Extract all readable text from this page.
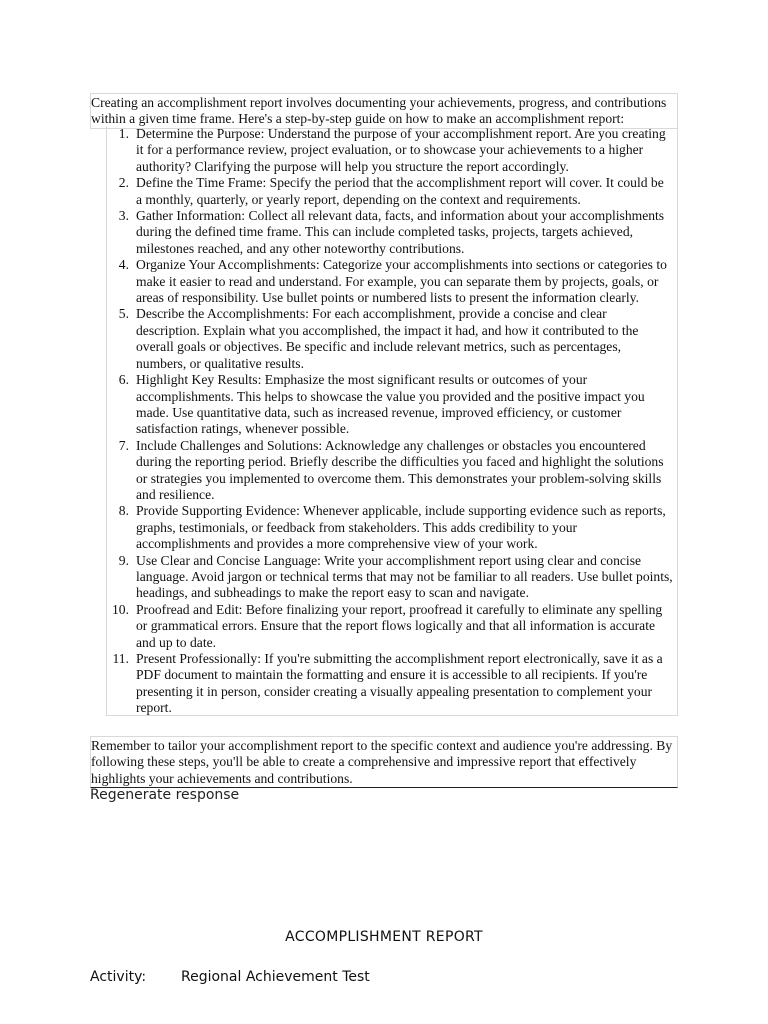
Creating an accomplishment report involves documenting your achievements, progress, and contributions within a given time frame. Here's a step-by-step guide on how to make an accomplishment report:

1. Determine the Purpose: Understand the purpose of your accomplishment report. Are you creating it for a performance review, project evaluation, or to showcase your achievements to a higher authority? Clarifying the purpose will help you structure the report accordingly.
2. Define the Time Frame: Specify the period that the accomplishment report will cover. It could be a monthly, quarterly, or yearly report, depending on the context and requirements.
3. Gather Information: Collect all relevant data, facts, and information about your accomplishments during the defined time frame. This can include completed tasks, projects, targets achieved, milestones reached, and any other noteworthy contributions.
4. Organize Your Accomplishments: Categorize your accomplishments into sections or categories to make it easier to read and understand. For example, you can separate them by projects, goals, or areas of responsibility. Use bullet points or numbered lists to present the information clearly.
5. Describe the Accomplishments: For each accomplishment, provide a concise and clear description. Explain what you accomplished, the impact it had, and how it contributed to the overall goals or objectives. Be specific and include relevant metrics, such as percentages, numbers, or qualitative results.
6. Highlight Key Results: Emphasize the most significant results or outcomes of your accomplishments. This helps to showcase the value you provided and the positive impact you made. Use quantitative data, such as increased revenue, improved efficiency, or customer satisfaction ratings, whenever possible.
7. Include Challenges and Solutions: Acknowledge any challenges or obstacles you encountered during the reporting period. Briefly describe the difficulties you faced and highlight the solutions or strategies you implemented to overcome them. This demonstrates your problem-solving skills and resilience.
8. Provide Supporting Evidence: Whenever applicable, include supporting evidence such as reports, graphs, testimonials, or feedback from stakeholders. This adds credibility to your accomplishments and provides a more comprehensive view of your work.
9. Use Clear and Concise Language: Write your accomplishment report using clear and concise language. Avoid jargon or technical terms that may not be familiar to all readers. Use bullet points, headings, and subheadings to make the report easy to scan and navigate.
10. Proofread and Edit: Before finalizing your report, proofread it carefully to eliminate any spelling or grammatical errors. Ensure that the report flows logically and that all information is accurate and up to date.
11. Present Professionally: If you're submitting the accomplishment report electronically, save it as a PDF document to maintain the formatting and ensure it is accessible to all recipients. If you're presenting it in person, consider creating a visually appealing presentation to complement your report.

Remember to tailor your accomplishment report to the specific context and audience you're addressing. By following these steps, you'll be able to create a comprehensive and impressive report that effectively highlights your achievements and contributions.

Regenerate response
ACCOMPLISHMENT REPORT
Activity:	Regional Achievement Test
